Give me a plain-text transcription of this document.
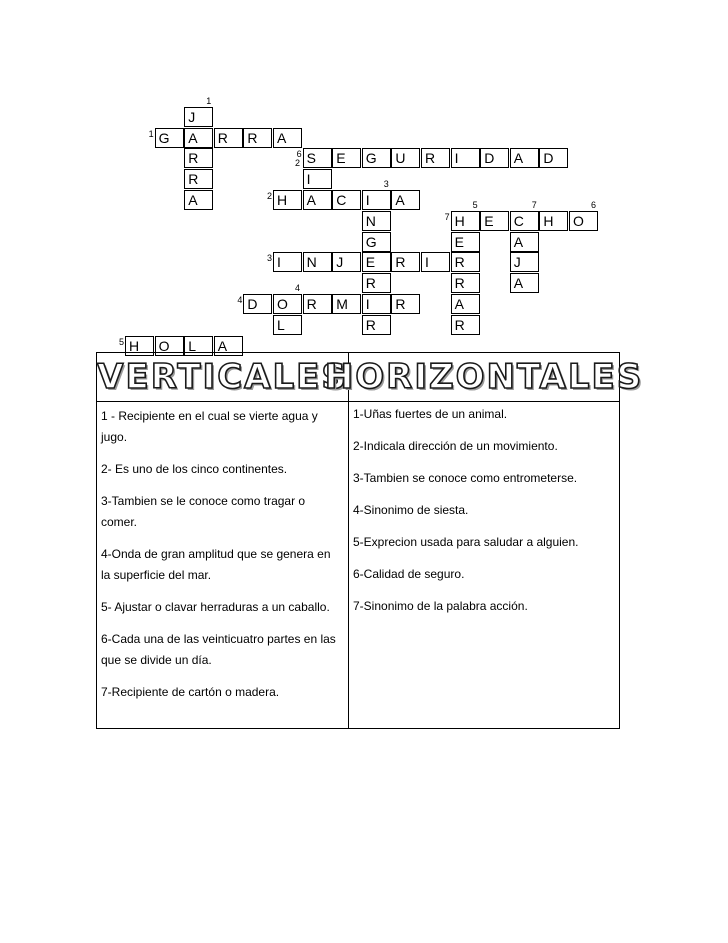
J
G	A	R	R	A
R	S	E	G	U	R	I	D	A	D
R	I
A	H	A	C	I	A
N	H	E	C	H	O
G	E	A
I	N	J	E	R	I	R	J
R	R	A
D	O	R	M	I	R	A
L	R	R
H	O	L	A
1
2
1
6
3
2
5	7	6
7
3
4
4
5
VERTICALES

1 - Recipiente en el cual se vierte agua y jugo.

2- Es uno de los cinco continentes.

3-Tambien se le conoce como tragar o comer.

4-Onda de gran amplitud que se genera en la superficie del mar.

5- Ajustar o clavar herraduras a un caballo.

6-Cada una de las veinticuatro partes en las que se divide un día.

7-Recipiente de cartón o madera.

HORIZONTALES

1-Uñas fuertes de un animal.

2-Indicala dirección de un movimiento.

3-Tambien se conoce como entrometerse.

4-Sinonimo de siesta.

5-Exprecion usada para saludar a alguien.

6-Calidad de seguro.

7-Sinonimo de la palabra acción.
